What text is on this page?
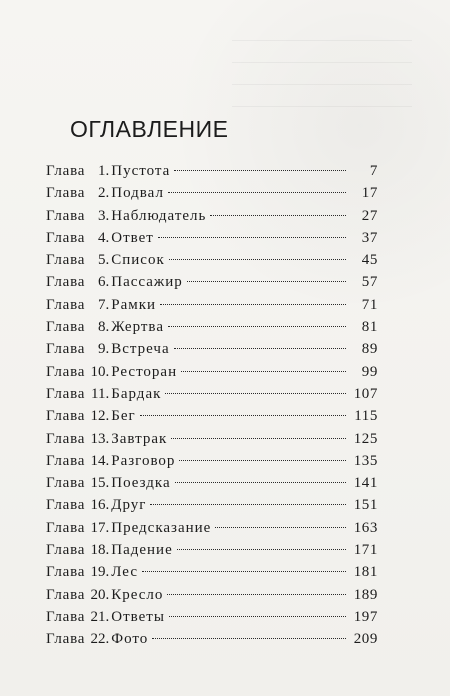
ОГЛАВЛЕНИЕ
Глава 1. Пустота	7
Глава 2. Подвал	17
Глава 3. Наблюдатель	27
Глава 4. Ответ	37
Глава 5. Список	45
Глава 6. Пассажир	57
Глава 7. Рамки	71
Глава 8. Жертва	81
Глава 9. Встреча	89
Глава 10. Ресторан	99
Глава 11. Бардак	107
Глава 12. Бег	115
Глава 13. Завтрак	125
Глава 14. Разговор	135
Глава 15. Поездка	141
Глава 16. Друг	151
Глава 17. Предсказание	163
Глава 18. Падение	171
Глава 19. Лес	181
Глава 20. Кресло	189
Глава 21. Ответы	197
Глава 22. Фото	209
